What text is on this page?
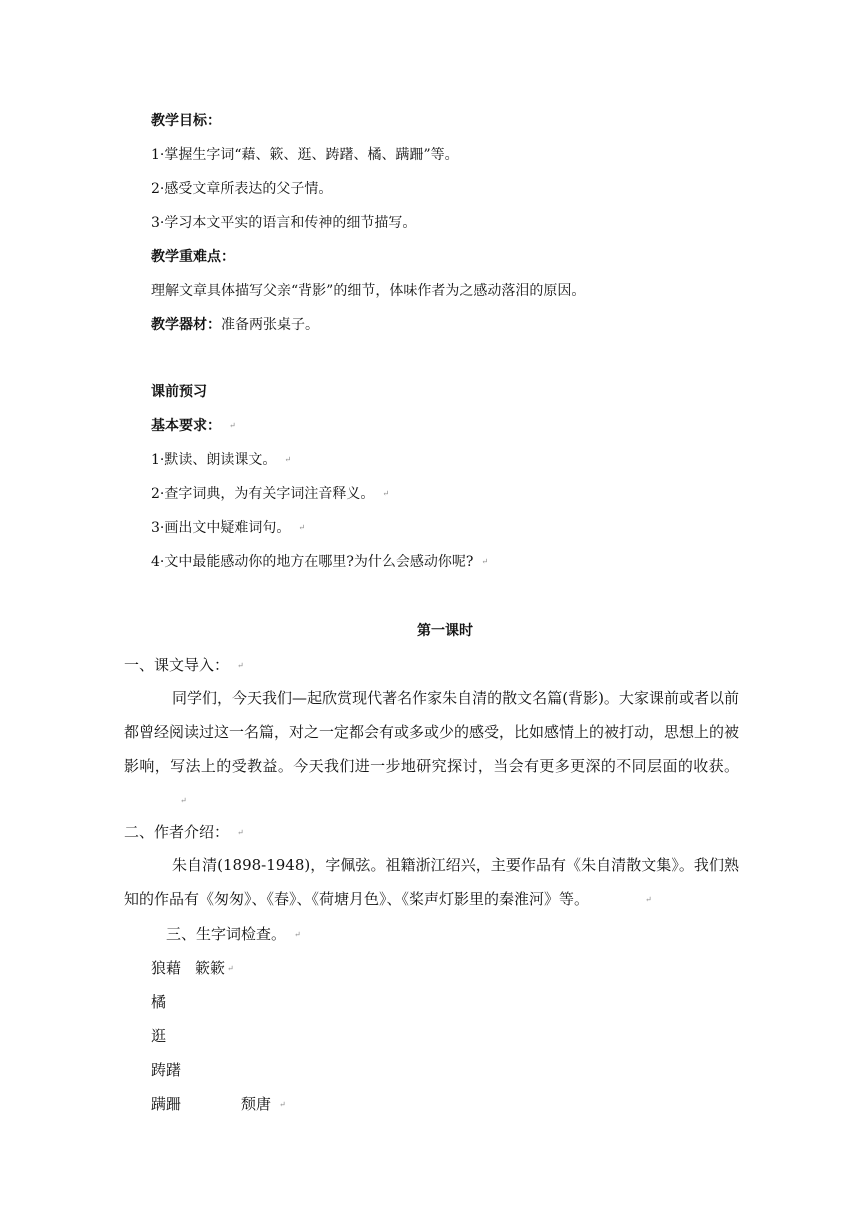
教学目标：
1·掌握生字词“藉、簌、逛、踌躇、橘、蹒跚”等。
2·感受文章所表达的父子情。
3·学习本文平实的语言和传神的细节描写。
教学重难点：
理解文章具体描写父亲“背影”的细节，体味作者为之感动落泪的原因。
教学器材：准备两张桌子。
课前预习
基本要求： ↵
1·默读、朗读课文。 ↵
2·查字词典，为有关字词注音释义。 ↵
3·画出文中疑难词句。 ↵
4·文中最能感动你的地方在哪里?为什么会感动你呢? ↵
第一课时
一、课文导入： ↵
同学们，今天我们—起欣赏现代著名作家朱自清的散文名篇(背影)。大家课前或者以前都曾经阅读过这一名篇，对之一定都会有或多或少的感受，比如感情上的被打动，思想上的被影响，写法上的受教益。今天我们进一步地研究探讨，当会有更多更深的不同层面的收获。↵
二、作者介绍： ↵
朱自清(1898-1948)，字佩弦。祖籍浙江绍兴，主要作品有《朱自清散文集》。我们熟知的作品有《匆匆》、《春》、《荷塘月色》、《桨声灯影里的秦淮河》等。	↵
三、生字词检查。 ↵
狼藉 簌簌 ↵
橘
逛
踌躇
蹒跚	颓唐 ↵
